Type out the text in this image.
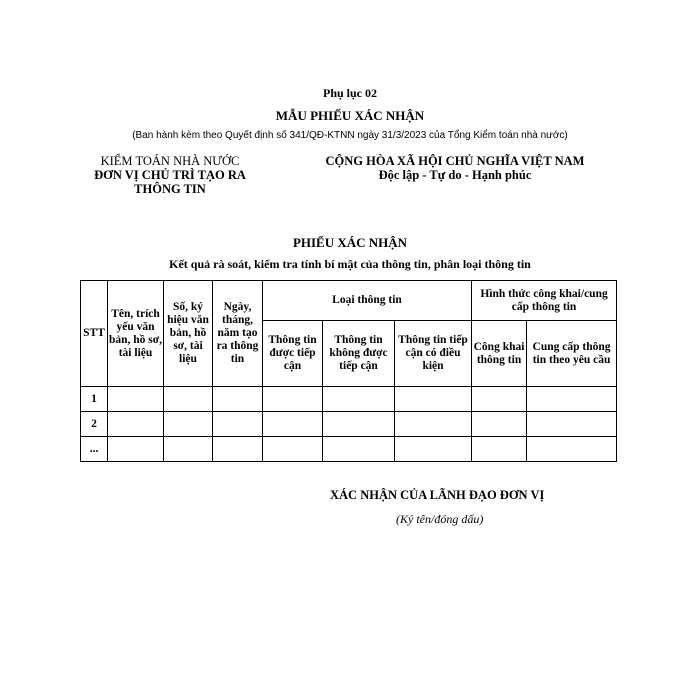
Phụ lục 02
MẪU PHIẾU XÁC NHẬN
(Ban hành kèm theo Quyết định số 341/QĐ-KTNN ngày 31/3/2023 của Tổng Kiểm toán nhà nước)
KIỂM TOÁN NHÀ NƯỚC
ĐƠN VỊ CHỦ TRÌ TẠO RA
THÔNG TIN
CỘNG HÒA XÃ HỘI CHỦ NGHĨA VIỆT NAM
Độc lập - Tự do - Hạnh phúc
PHIẾU XÁC NHẬN
Kết quả rà soát, kiểm tra tính bí mật của thông tin, phân loại thông tin
STT	Tên, trích yếu văn bản, hồ sơ, tài liệu	Số, ký hiệu văn bản, hồ sơ, tài liệu	Ngày, tháng, năm tạo ra thông tin	Loại thông tin			Hình thức công khai/cung cấp thông tin	
				Thông tin được tiếp cận	Thông tin không được tiếp cận	Thông tin tiếp cận có điều kiện	Công khai thông tin	Cung cấp thông tin theo yêu cầu
1								
2								
...								
XÁC NHẬN CỦA LÃNH ĐẠO ĐƠN VỊ
(Ký tên/đóng dấu)
